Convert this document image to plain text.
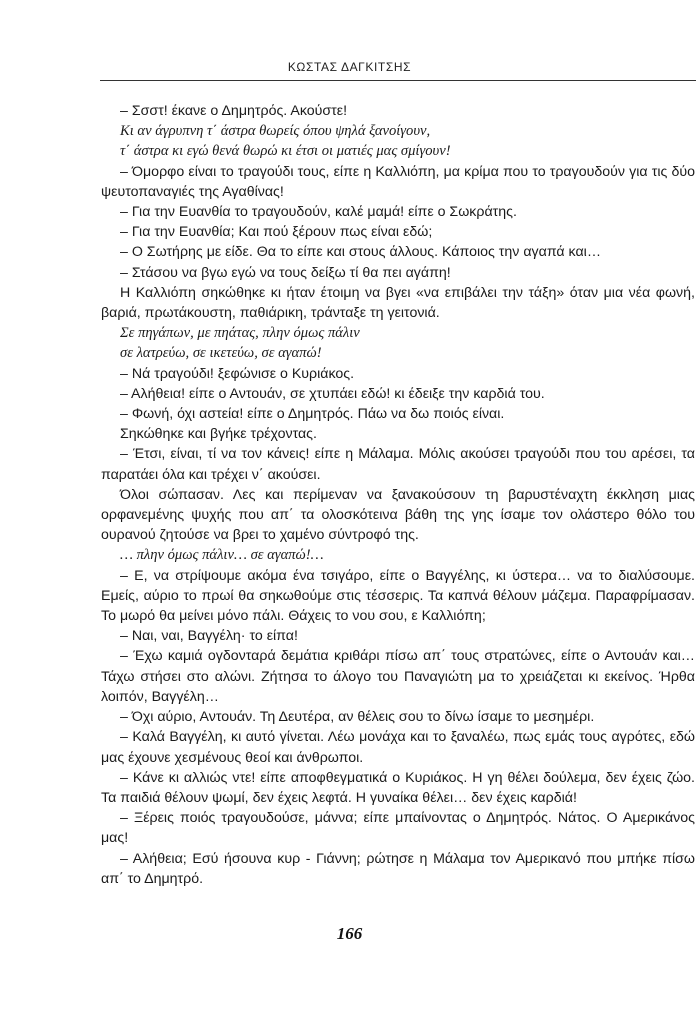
ΚΩΣΤΑΣ ΔΑΓΚΙΤΣΗΣ

– Σσστ! έκανε ο Δημητρός. Ακούστε!

Κι αν άγρυπνη τ΄ άστρα θωρείς όπου ψηλά ξανοίγουν,

τ΄ άστρα κι εγώ θενά θωρώ κι έτσι οι ματιές μας σμίγουν!

– Όμορφο είναι το τραγούδι τους, είπε η Καλλιόπη, μα κρίμα που το τραγουδούν για τις δύο ψευτοπαναγιές της Αγαθίνας!

– Για την Ευανθία το τραγουδούν, καλέ μαμά! είπε ο Σωκράτης.

– Για την Ευανθία; Και πού ξέρουν πως είναι εδώ;

– Ο Σωτήρης με είδε. Θα το είπε και στους άλλους. Κάποιος την αγαπά και…

– Στάσου να βγω εγώ να τους δείξω τί θα πει αγάπη!

Η Καλλιόπη σηκώθηκε κι ήταν έτοιμη να βγει «να επιβάλει την τάξη» όταν μια νέα φωνή, βαριά, πρωτάκουστη, παθιάρικη, τράνταξε τη γειτονιά.

Σε πηγάπων, με πηάτας, πλην όμως πάλιν

σε λατρεύω, σε ικετεύω, σε αγαπώ!

– Νά τραγούδι! ξεφώνισε ο Κυριάκος.

– Αλήθεια! είπε ο Αντουάν, σε χτυπάει εδώ! κι έδειξε την καρδιά του.

– Φωνή, όχι αστεία! είπε ο Δημητρός. Πάω να δω ποιός είναι.

Σηκώθηκε και βγήκε τρέχοντας.

– Έτσι, είναι, τί να τον κάνεις! είπε η Μάλαμα. Μόλις ακούσει τραγούδι που του αρέσει, τα παρατάει όλα και τρέχει ν΄ ακούσει.

Όλοι σώπασαν. Λες και περίμεναν να ξανακούσουν τη βαρυστέναχτη έκκληση μιας ορφανεμένης ψυχής που απ΄ τα ολοσκότεινα βάθη της γης ίσαμε τον ολάστερο θόλο του ουρανού ζητούσε να βρει το χαμένο σύντροφό της.

… πλην όμως πάλιν… σε αγαπώ!…

– Ε, να στρίψουμε ακόμα ένα τσιγάρο, είπε ο Βαγγέλης, κι ύστερα… να το διαλύσουμε. Εμείς, αύριο το πρωί θα σηκωθούμε στις τέσσερις. Τα καπνά θέλουν μάζεμα. Παραφρίμασαν. Το μωρό θα μείνει μόνο πάλι. Θάχεις το νου σου, ε Καλλιόπη;

– Ναι, ναι, Βαγγέλη· το είπα!

– Έχω καμιά ογδονταρά δεμάτια κριθάρι πίσω απ΄ τους στρατώνες, είπε ο Αντουάν και… Τάχω στήσει στο αλώνι. Ζήτησα το άλογο του Παναγιώτη μα το χρειάζεται κι εκείνος. Ήρθα λοιπόν, Βαγγέλη…

– Όχι αύριο, Αντουάν. Τη Δευτέρα, αν θέλεις σου το δίνω ίσαμε το μεσημέρι.

– Καλά Βαγγέλη, κι αυτό γίνεται. Λέω μονάχα και το ξαναλέω, πως εμάς τους αγρότες, εδώ μας έχουνε χεσμένους θεοί και άνθρωποι.

– Κάνε κι αλλιώς ντε! είπε αποφθεγματικά ο Κυριάκος. Η γη θέλει δούλεμα, δεν έχεις ζώο. Τα παιδιά θέλουν ψωμί, δεν έχεις λεφτά. Η γυναίκα θέλει… δεν έχεις καρδιά!

– Ξέρεις ποιός τραγουδούσε, μάννα; είπε μπαίνοντας ο Δημητρός. Νάτος. Ο Αμερικάνος μας!

– Αλήθεια; Εσύ ήσουνα κυρ - Γιάννη; ρώτησε η Μάλαμα τον Αμερικανό που μπήκε πίσω απ΄ το Δημητρό.

166
